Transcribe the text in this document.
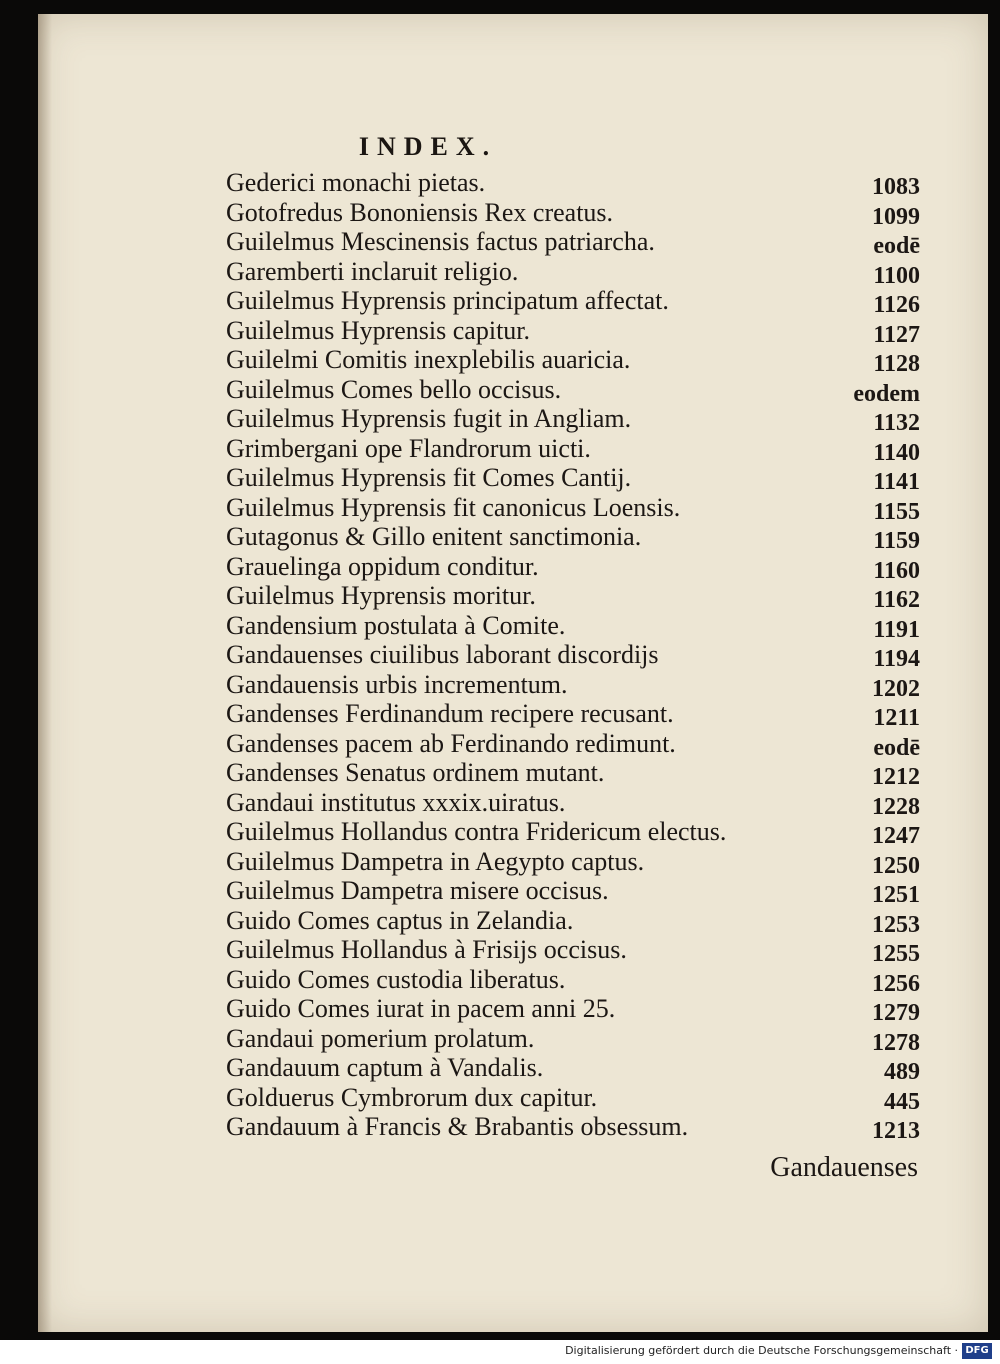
INDEX.
Gederici monachi pietas.	1083
Gotofredus Bononiensis Rex creatus.	1099
Guilelmus Mescinensis factus patriarcha.	eodē
Garemberti inclaruit religio.	1100
Guilelmus Hyprensis principatum affectat.	1126
Guilelmus Hyprensis capitur.	1127
Guilelmi Comitis inexplebilis auaricia.	1128
Guilelmus Comes bello occisus.	eodem
Guilelmus Hyprensis fugit in Angliam.	1132
Grimbergani ope Flandrorum uicti.	1140
Guilelmus Hyprensis fit Comes Cantij.	1141
Guilelmus Hyprensis fit canonicus Loensis.	1155
Gutagonus & Gillo enitent sanctimonia.	1159
Grauelinga oppidum conditur.	1160
Guilelmus Hyprensis moritur.	1162
Gandensium postulata à Comite.	1191
Gandauenses ciuilibus laborant discordijs	1194
Gandauensis urbis incrementum.	1202
Gandenses Ferdinandum recipere recusant.	1211
Gandenses pacem ab Ferdinando redimunt.	eodē
Gandenses Senatus ordinem mutant.	1212
Gandaui institutus xxxix.uiratus.	1228
Guilelmus Hollandus contra Fridericum electus.	1247
Guilelmus Dampetra in Aegypto captus.	1250
Guilelmus Dampetra misere occisus.	1251
Guido Comes captus in Zelandia.	1253
Guilelmus Hollandus à Frisijs occisus.	1255
Guido Comes custodia liberatus.	1256
Guido Comes iurat in pacem anni 25.	1279
Gandaui pomerium prolatum.	1278
Gandauum captum à Vandalis.	489
Golduerus Cymbrorum dux capitur.	445
Gandauum à Francis & Brabantis obsessum.	1213
Gandauenses
Digitalisierung gefördert durch die Deutsche Forschungsgemeinschaft · DFG
